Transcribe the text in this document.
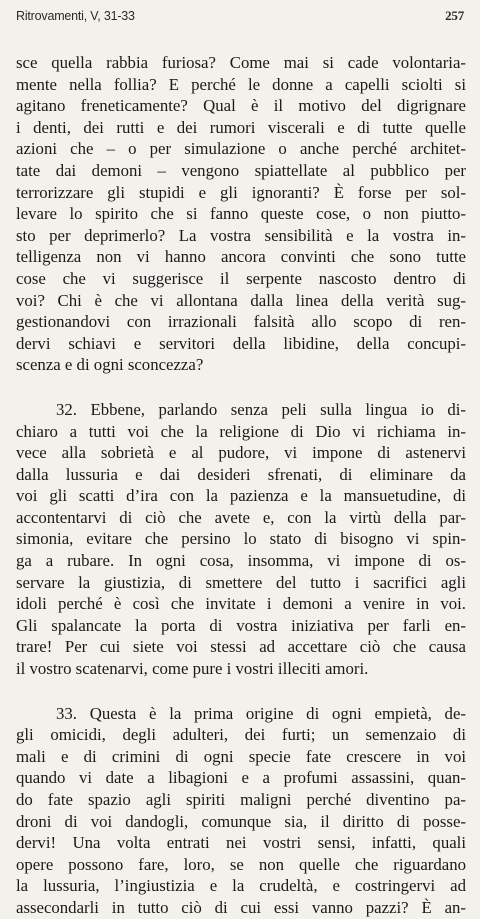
Ritrovamenti, V, 31-33	257
sce quella rabbia furiosa? Come mai si cade volontaria-
mente nella follia? E perché le donne a capelli sciolti si
agitano freneticamente? Qual è il motivo del digrignare
i denti, dei rutti e dei rumori viscerali e di tutte quelle
azioni che – o per simulazione o anche perché architet-
tate dai demoni – vengono spiattellate al pubblico per
terrorizzare gli stupidi e gli ignoranti? È forse per sol-
levare lo spirito che si fanno queste cose, o non piutto-
sto per deprimerlo? La vostra sensibilità e la vostra in-
telligenza non vi hanno ancora convinti che sono tutte
cose che vi suggerisce il serpente nascosto dentro di
voi? Chi è che vi allontana dalla linea della verità sug-
gestionandovi con irrazionali falsità allo scopo di ren-
dervi schiavi e servitori della libidine, della concupi-
scenza e di ogni sconcezza?
32. Ebbene, parlando senza peli sulla lingua io di-
chiaro a tutti voi che la religione di Dio vi richiama in-
vece alla sobrietà e al pudore, vi impone di astenervi
dalla lussuria e dai desideri sfrenati, di eliminare da
voi gli scatti d’ira con la pazienza e la mansuetudine, di
accontentarvi di ciò che avete e, con la virtù della par-
simonia, evitare che persino lo stato di bisogno vi spin-
ga a rubare. In ogni cosa, insomma, vi impone di os-
servare la giustizia, di smettere del tutto i sacrifici agli
idoli perché è così che invitate i demoni a venire in voi.
Gli spalancate la porta di vostra iniziativa per farli en-
trare! Per cui siete voi stessi ad accettare ciò che causa
il vostro scatenarvi, come pure i vostri illeciti amori.
33. Questa è la prima origine di ogni empietà, de-
gli omicidi, degli adulteri, dei furti; un semenzaio di
mali e di crimini di ogni specie fate crescere in voi
quando vi date a libagioni e a profumi assassini, quan-
do fate spazio agli spiriti maligni perché diventino pa-
droni di voi dandogli, comunque sia, il diritto di posse-
dervi! Una volta entrati nei vostri sensi, infatti, quali
opere possono fare, loro, se non quelle che riguardano
la lussuria, l’ingiustizia e la crudeltà, e costringervi ad
assecondarli in tutto ciò di cui essi vanno pazzi? È an-
